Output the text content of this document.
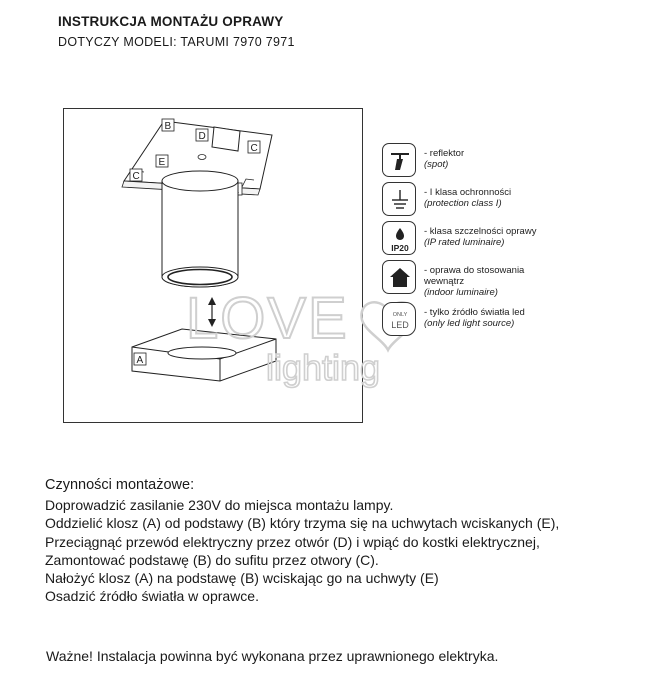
INSTRUKCJA MONTAŻU OPRAWY
DOTYCZY MODELI: TARUMI 7970 7971
B
D
C
C
E
A
LOVE
lighting
- reflektor
(spot)
- I klasa ochronności
(protection class I)
IP20
- klasa szczelności oprawy
(IP rated luminaire)
- oprawa do stosowania
wewnątrz
(indoor luminaire)
ONLY
LED
- tylko źródło światła led
(only led light source)
Czynności montażowe:
Doprowadzić zasilanie 230V do miejsca montażu lampy.
Oddzielić klosz (A) od podstawy (B) który trzyma się na uchwytach wciskanych (E),
Przeciągnąć przewód elektryczny przez otwór (D) i wpiąć do kostki elektrycznej,
Zamontować podstawę (B) do sufitu przez otwory (C).
Nałożyć klosz (A) na podstawę (B) wciskając go na uchwyty (E)
Osadzić źródło światła w oprawce.
Ważne! Instalacja powinna być wykonana przez uprawnionego elektryka.
